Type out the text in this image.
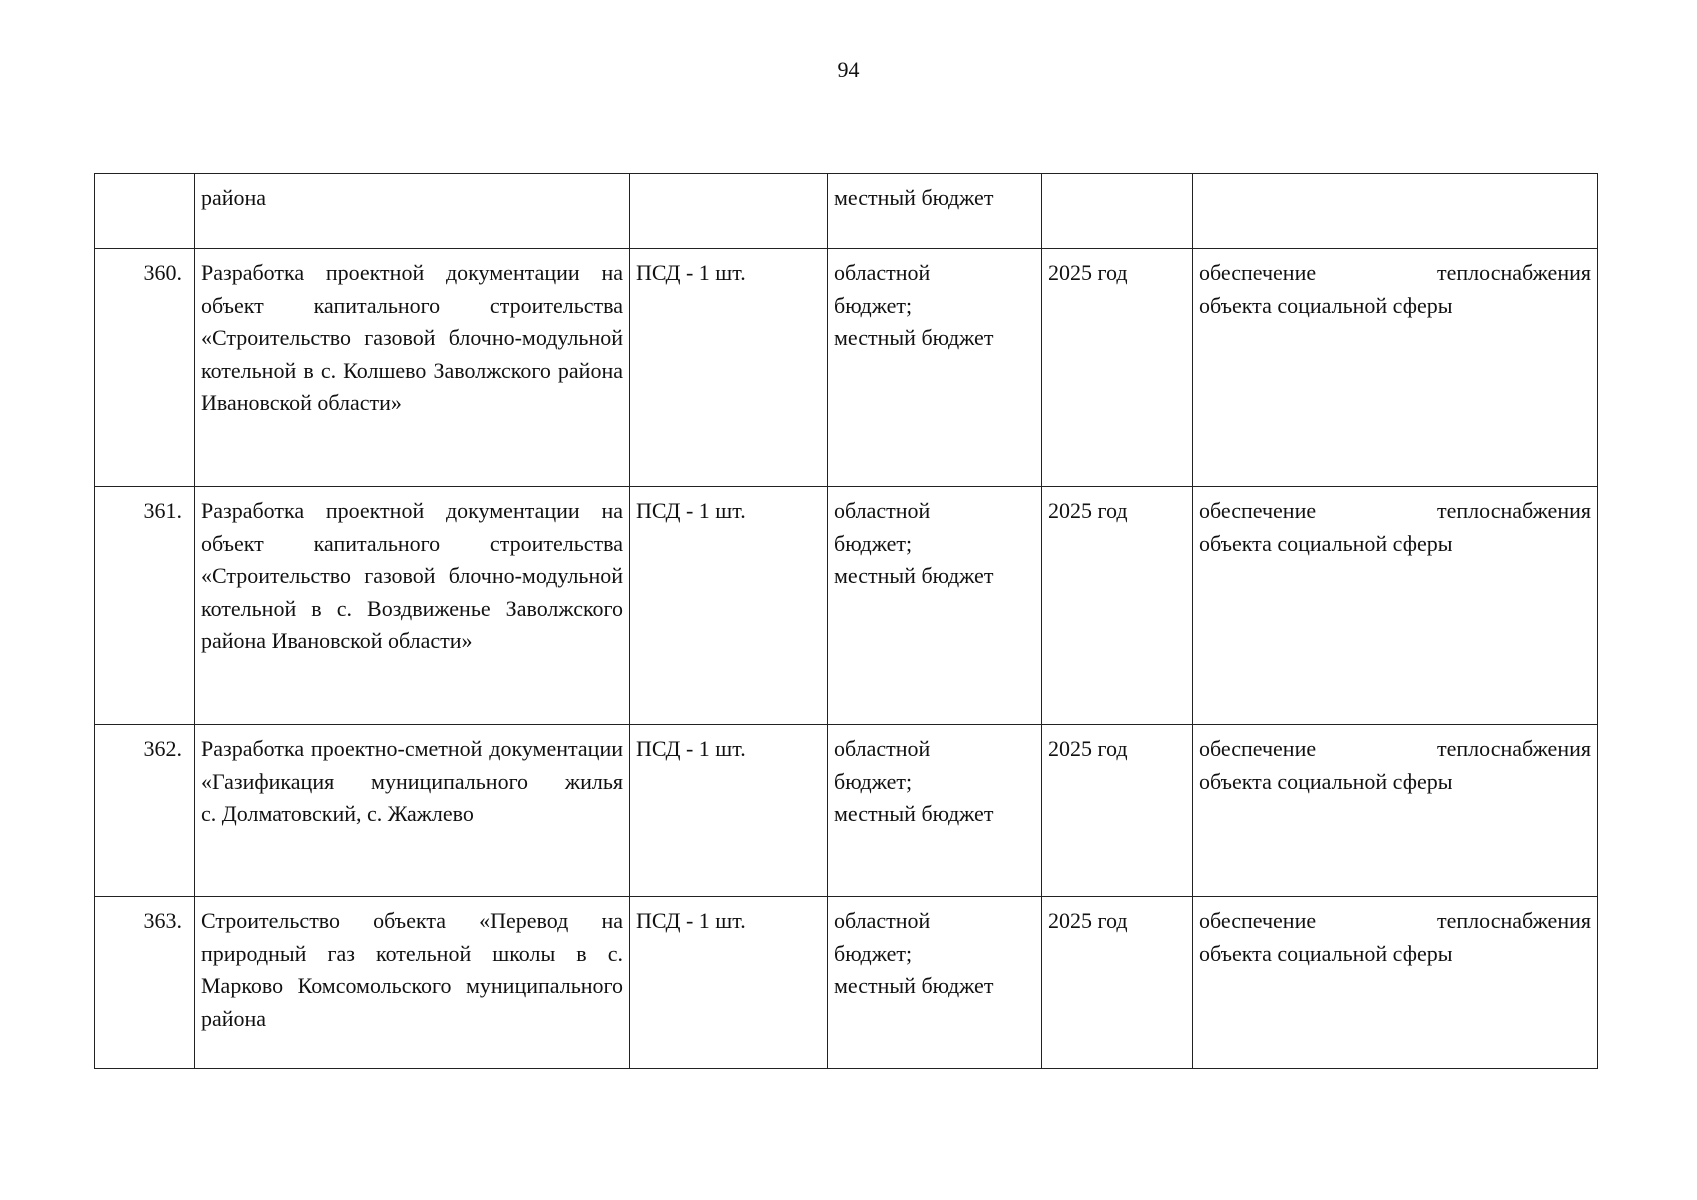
94
	района		местный бюджет		
360.	Разработка проектной документации на объект капитального строительства «Строительство газовой блочно-модульной котельной в с. Колшево Заволжского района Ивановской области»	ПСД - 1 шт.	областной
бюджет;
местный бюджет	2025 год	обеспечение теплоснабжения
объекта социальной сферы

361.	Разработка проектной документации на объект капитального строительства «Строительство газовой блочно-модульной котельной в с. Воздвиженье Заволжского района Ивановской области»	ПСД - 1 шт.	областной
бюджет;
местный бюджет	2025 год	обеспечение теплоснабжения
объекта социальной сферы

362.	Разработка проектно-сметной документации «Газификация муниципального жилья
с. Долматовский, с. Жажлево	ПСД - 1 шт.	областной
бюджет;
местный бюджет	2025 год	обеспечение теплоснабжения
объекта социальной сферы

363.	Строительство объекта «Перевод на природный газ котельной школы в с. Марково Комсомольского муниципального района	ПСД - 1 шт.	областной
бюджет;
местный бюджет	2025 год	обеспечение теплоснабжения
объекта социальной сферы
